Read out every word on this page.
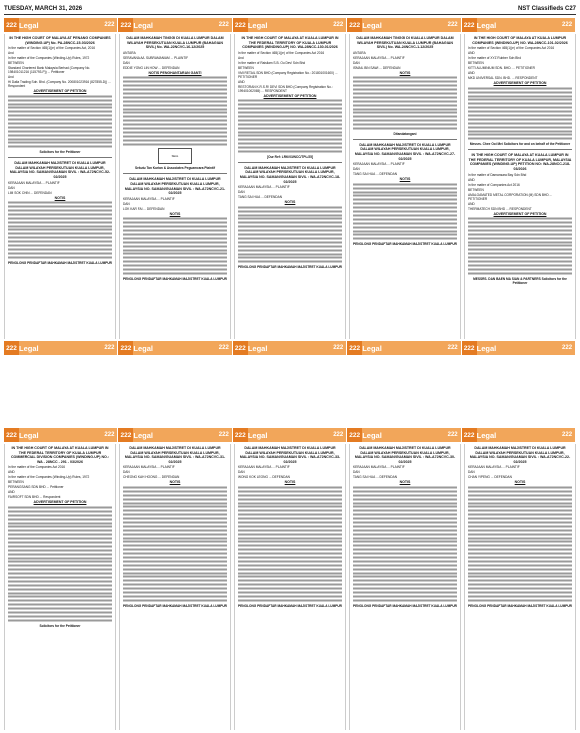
TUESDAY, MARCH 31, 2026	NST Classifieds C27
222 Legal	222 222 Legal	222 222 Legal	222 222 Legal	222 222 Legal	222
IN THE HIGH COURT OF MALAYA AT PENANG COMPANIES (WINDING-UP) No. PA-28NCC-15-03/2026
In the matter of Section 465(1)(e) of the Companies Act, 2016
And
In the matter of the Companies (Winding-Up) Rules, 1972
BETWEEN
Standard Chartered Bank Malaysia Berhad (Company No. 198401011216 (115793-P)) ... Petitioner
And
Hi Dalia Trading Sdn. Bhd. (Company No. 200801023916 (827855-D)) ... Respondent
ADVERTISEMENT OF PETITION
Solicitors for the Petitioner
DALAM MAHKAMAH MAJISTRET DI KUALA LUMPUR DALAM WILAYAH PERSEKUTUAN KUALA LUMPUR, MALAYSIA NO. SAMAN/GUAMAN SIVIL : WA-A72NCVC-52-02/2025
KERAJAAN MALAYSIA ... PLAINTIF
DAN
LIM SOK CHIN ... DEFENDAN
NOTIS
PENOLONG PENDAFTAR MAHKAMAH MAJISTRET KUALA LUMPUR
DALAM MAHKAMAH TINGGI DI KUALA LUMPUR DALAM WILAYAH PERSEKUTUAN KUALA LUMPUR (BAHAGIAN SIVIL) No. WA-22NCVC-16-12/2025
ANTARA
SERAVANA A/L SUBRAMANIAM ... PLAINTIF
DAN
EDDIE YONG LIN HOW ... DEFENDAN
NOTIS PENGHANTARAN GANTI
SEAL
Sekutu Tan Kurian & Associates Peguamcara Plaintif
DALAM MAHKAMAH MAJISTRET DI KUALA LUMPUR DALAM WILAYAH PERSEKUTUAN KUALA LUMPUR, MALAYSIA NO. SAMAN/GUAMAN SIVIL : WA-A72NCVC-21-02/2025
KERAJAAN MALAYSIA ... PLAINTIF
DAN
LOK KAR FAI ... DEFENDAN
NOTIS
PENOLONG PENDAFTAR MAHKAMAH MAJISTRET KUALA LUMPUR
IN THE HIGH COURT OF MALAYA AT KUALA LUMPUR IN THE FEDERAL TERRITORY OF KUALA LUMPUR COMPANIES (WINDING-UP) NO. WA-28NCC-130-01/2026
In the matter of Section 465(1)(e) of the Companies Act 2016
And
In the matter of Raisilam S.B. Ou Dev! Sdn Bhd
BETWEEN
VMI RETAIL SDN BHD (Company Registration No.: 201801001600) ... PETITIONER
AND
RESTORAN K.R.S.R! DEVI SDN BHD (Company Registration No.: 199401002065) ... RESPONDENT
ADVERTISEMENT OF PETITION
[Our Ref: LRK/03/NCC/TPL/25]
DALAM MAHKAMAH MAJISTRET DI KUALA LUMPUR DALAM WILAYAH PERSEKUTUAN KUALA LUMPUR, MALAYSIA NO. SAMAN/GUAMAN SIVIL : WA-A72NCVC-18-02/2025
KERAJAAN MALAYSIA ... PLAINTIF
DAN
TANG SAI HUA ... DEFENDAN
NOTIS
PENOLONG PENDAFTAR MAHKAMAH MAJISTRET KUALA LUMPUR
DALAM MAHKAMAH TINGGI DI KUALA LUMPUR DALAM WILAYAH PERSEKUTUAN KUALA LUMPUR (BAHAGIAN SIVIL) No. WA-24NCVC-1-12/2025
ANTARA
KERAJAAN MALAYSIA ... PLAINTIF
DAN
ISMAIL BIN SAWI ... DEFENDAN
NOTIS
Ditandatangani
DALAM MAHKAMAH MAJISTRET DI KUALA LUMPUR DALAM WILAYAH PERSEKUTUAN KUALA LUMPUR, MALAYSIA NO. SAMAN/GUAMAN SIVIL : WA-A72NCVC-27-02/2025
KERAJAAN MALAYSIA ... PLAINTIF
DAN
TANG SAI HUA ... DEFENDAN
NOTIS
PENOLONG PENDAFTAR MAHKAMAH MAJISTRET KUALA LUMPUR
IN THE HIGH COURT OF MALAYA AT KUALA LUMPUR COMPANIES (WINDING-UP) NO. WA-28NCC-101-02/2026
In the matter of Section 465(1)(e) of the Companies Act 2016
AND
In the matter of XYZ Rubber Sdn Bhd
BETWEEN
KITTI ALUMINIUM SDN. BHD. ... PETITIONER
AND
MKD UNIVERSAL SDN. BHD. ... RESPONDENT
ADVERTISEMENT OF PETITION
Messrs. Chee Ooi Mei Solicitors for and on behalf of the Petitioner
IN THE HIGH COURT OF MALAYA AT KUALA LUMPUR IN THE FEDERAL TERRITORY OF KUALA LUMPUR, MALAYSIA COMPANIES (WINDING-UP) PETITION NO: WA-28NCC-218-03/2026
In the matter of Damansara Bay Sdn Bhd
AND
In the matter of Companies Act 2016
BETWEEN
AMALGAMATED METAL CORPORATION (M) SDN BHD ... PETITIONER
AND
THERMATECH SDN BHD ... RESPONDENT
ADVERTISEMENT OF PETITION
MESSRS. DAN BAEN MA SIAN & PARTNERS Solicitors for the Petitioner
222 Legal	222 222 Legal	222 222 Legal	222 222 Legal	222 222 Legal	222
222 Legal	222 222 Legal	222 222 Legal	222 222 Legal	222 222 Legal	222
IN THE HIGH COURT OF MALAYA AT KUALA LUMPUR IN THE FEDERAL TERRITORY OF KUALA LUMPUR COMMERCIAL DIVISION COMPANIES (WINDING-UP) NO.: WA - 28NCC - 291 - 03/2026
In the matter of the Companies Act 2016
AND
In the matter of the Companies (Winding-Up) Rules, 1972
BETWEEN
PERANGSANG SDN BHD ... Petitioner
AND
FAIRSOFT SDN BHD ... Respondent
ADVERTISEMENT OF PETITION
Solicitors for the Petitioner
DALAM MAHKAMAH MAJISTRET DI KUALA LUMPUR DALAM WILAYAH PERSEKUTUAN KUALA LUMPUR, MALAYSIA NO. SAMAN/GUAMAN SIVIL : WA-A72NCVC-31-02/2025
KERAJAAN MALAYSIA ... PLAINTIF
DAN
CHEONG KAH HOONG ... DEFENDAN
NOTIS
PENOLONG PENDAFTAR MAHKAMAH MAJISTRET KUALA LUMPUR
DALAM MAHKAMAH MAJISTRET DI KUALA LUMPUR DALAM WILAYAH PERSEKUTUAN KUALA LUMPUR, MALAYSIA NO. SAMAN/GUAMAN SIVIL : WA-A72NCVC-33-02/2025
KERAJAAN MALAYSIA ... PLAINTIF
DAN
WONG KOK LEONG ... DEFENDAN
NOTIS
PENOLONG PENDAFTAR MAHKAMAH MAJISTRET KUALA LUMPUR
DALAM MAHKAMAH MAJISTRET DI KUALA LUMPUR DALAM WILAYAH PERSEKUTUAN KUALA LUMPUR, MALAYSIA NO. SAMAN/GUAMAN SIVIL : WA-A72NCVC-30-02/2025
KERAJAAN MALAYSIA ... PLAINTIF
DAN
TANG SAI HUA ... DEFENDAN
NOTIS
PENOLONG PENDAFTAR MAHKAMAH MAJISTRET KUALA LUMPUR
DALAM MAHKAMAH MAJISTRET DI KUALA LUMPUR DALAM WILAYAH PERSEKUTUAN KUALA LUMPUR, MALAYSIA NO. SAMAN/GUAMAN SIVIL : WA-A72NCVC-22-02/2025
KERAJAAN MALAYSIA ... PLAINTIF
DAN
CHAN YIPENG ... DEFENDAN
NOTIS
PENOLONG PENDAFTAR MAHKAMAH MAJISTRET KUALA LUMPUR
